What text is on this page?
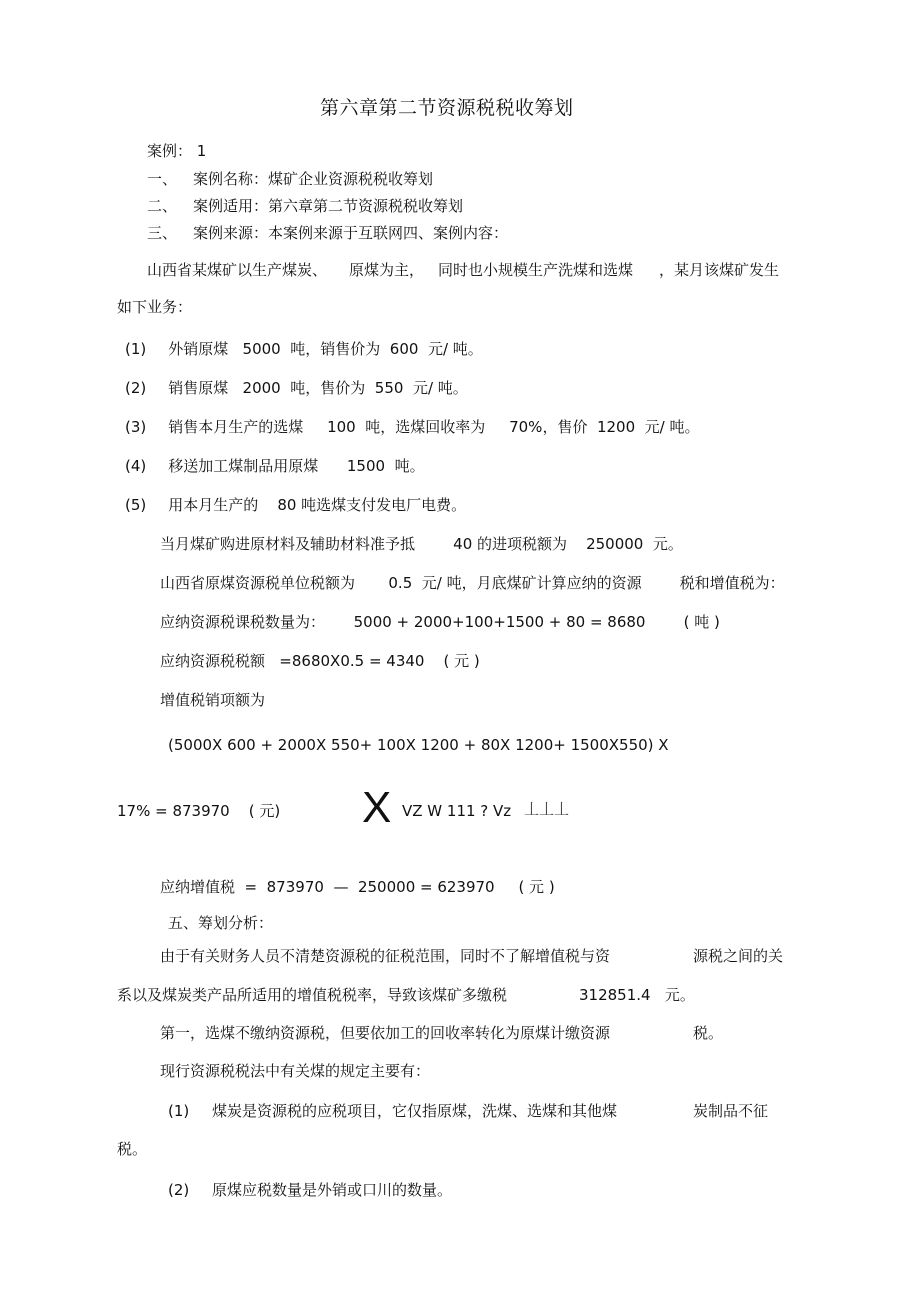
第六章第二节资源税税收筹划
案例： 1
一、 案例名称：煤矿企业资源税税收筹划
二、 案例适用：第六章第二节资源税税收筹划
三、 案例来源：本案例来源于互联网四、案例内容：
山西省某煤矿以生产煤炭、 原煤为主， 同时也小规模生产洗煤和选煤 ，某月该煤矿发生
如下业务：
(1) 外销原煤   5000  吨，销售价为  600  元/ 吨。
(2) 销售原煤   2000  吨，售价为  550  元/ 吨。
(3) 销售本月生产的选煤     100  吨，选煤回收率为     70%，售价  1200  元/ 吨。
(4) 移送加工煤制品用原煤      1500  吨。
(5) 用本月生产的    80 吨选煤支付发电厂电费。
当月煤矿购进原材料及辅助材料准予抵        40 的进项税额为    250000  元。
山西省原煤资源税单位税额为       0.5  元/ 吨，月底煤矿计算应纳的资源	税和增值税为：
应纳资源税课税数量为：      5000 + 2000+100+1500 + 80 = 8680        ( 吨 )
应纳资源税税额   =8680X0.5 = 4340    ( 元 )
增值税销项额为
(5000X 600 + 2000X 550+ 100X 1200 + 80X 1200+ 1500X550) X
17% = 873970    ( 元) X VZ W 111 ? Vz 丄丄丄
应纳增值税  =  873970  —  250000 = 623970     ( 元 )
五、筹划分析：
由于有关财务人员不清楚资源税的征税范围，同时不了解增值税与资	源税之间的关
系以及煤炭类产品所适用的增值税税率，导致该煤矿多缴税	312851.4   元。
第一，选煤不缴纳资源税，但要依加工的回收率转化为原煤计缴资源	税。
现行资源税税法中有关煤的规定主要有：
(1) 煤炭是资源税的应税项目，它仅指原煤，洗煤、选煤和其他煤	炭制品不征
税。
(2) 原煤应税数量是外销或口川的数量。
